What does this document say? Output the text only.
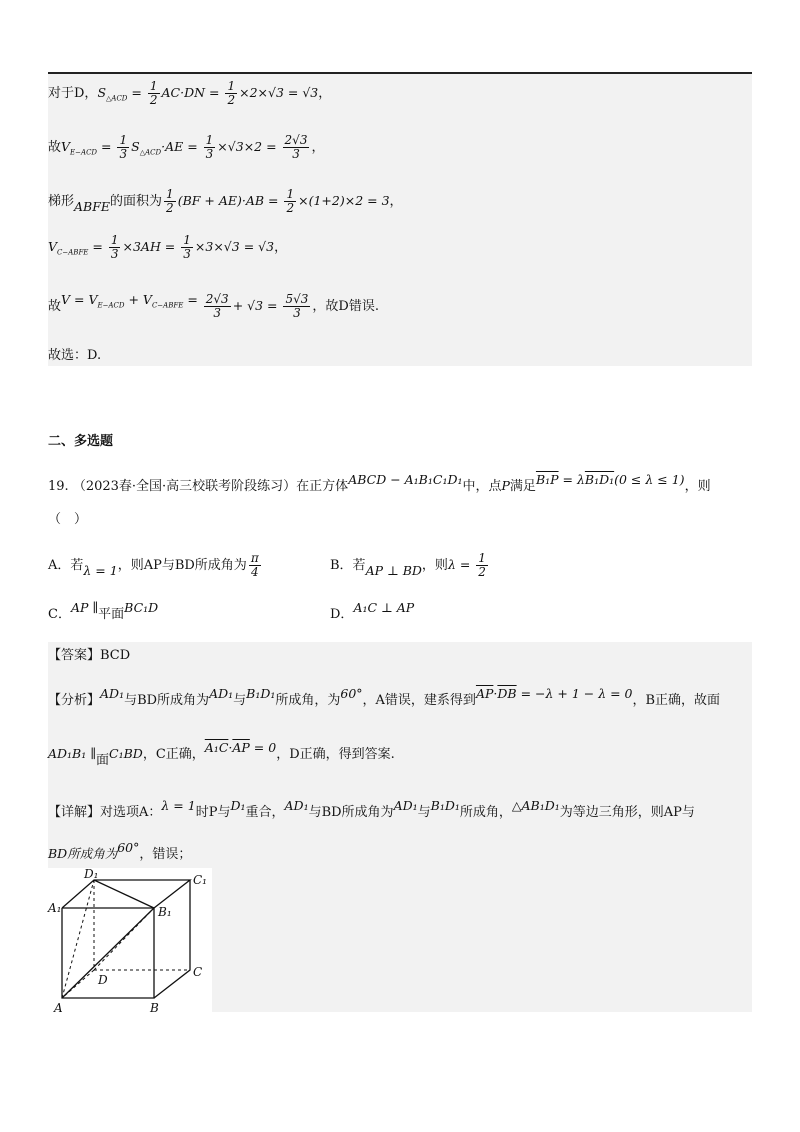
对于D，$S_{\triangle ACD} = \frac{1}{2} AC\cdot DN = \frac{1}{2} \times 2\times√3 = √3$，
故$V_{E-ACD} = \frac{1}{3} S_{\triangle ACD}\cdot AE = \frac{1}{3} \times√3\times 2 = \frac{2√3}{3}$ ，
梯形ABFE的面积为 $\frac{1}{2} (BF + AE)\cdot AB = \frac{1}{2} \times(1+2)\times 2 = 3$，
$V_{C-ABFE} = \frac{1}{3} \times 3AH = \frac{1}{3} \times 3\times√3 = √3$，
故$V = V_{E-ACD} + V_{C-ABFE} = \frac{2√3}{3} + √3 = \frac{5√3}{3}$ ，故D错误.
故选：D.
二、多选题
19. （2023春·全国·高三校联考阶段练习）在正方体ABCD − A₁B₁C₁D₁中，点P满足B₁P = λB₁D₁(0 ≤ λ ≤ 1)，则
（　）
A．若λ = 1，则AP与BD所成角为 $\frac{\pi}{4}$	B．若AP ⊥ BD，则$\lambda = \frac{1}{2}$
C．AP ∥平面BC₁D	D．A₁C ⊥ AP
【答案】BCD
【分析】AD₁与BD所成角为AD₁与B₁D₁所成角，为60°，A错误，建系得到$\overline{AP}\cdot\overline{DB} = -\lambda + 1 - \lambda = 0$，B正确，故面
AD₁B₁ ∥面C₁BD，C正确，$A_1C\cdot\overline{AP} = 0$，D正确，得到答案.
【详解】对选项A：λ = 1时P与D₁重合，AD₁与BD所成角为AD₁与B₁D₁所成角，△AB₁D₁为等边三角形，则AP与
BD所成角为60°，错误；
D₁	C₁
A₁	B₁
D
C
A	B
